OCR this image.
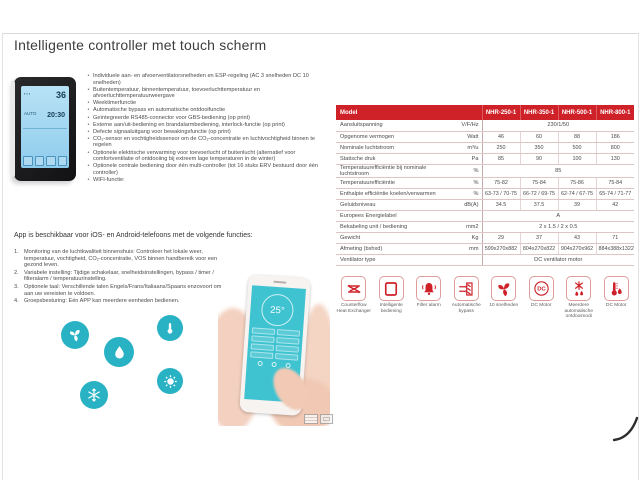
Intelligente controller met touch scherm
▪▪▪	36
AUTO 20:30
• Individuele aan- en afvoerventilatorsnelheden en ESP-regeling (AC 3 snelheden DC 10 snelheden)
• Buitentemperatuur, binnentemperatuur, toevoerluchttemperatuur en afvoerluchttemperatuurweergave
• Weektimerfunctie
• Automatische bypass en automatische ontdooifunctie
• Geïntegreerde RS485-connector voor GBS-bediening (op print)
• Externe aan/uit-bediening en brandalarmbediening, interlock-functie (op print)
• Defecte signaaluitgang voor bewakingsfunctie (op print)
• CO₂-sensor en vochtigheidssensor om de CO₂-concentratie en luchtvochtigheid binnen te regelen
• Optionele elektrische verwarming voor toevoerlucht of buitenlucht (alternatief voor comfortventilatie of ontdooiing bij extreem lage temperaturen in de winter)
• Optionele centrale bediening door één multi-controller (tot 16 stuks ERV bestuurd door één controller)
• WIFI-functie:
App is beschikbaar voor iOS- en Android-telefoons met de volgende functies:
1. Monitoring van de luchtkwaliteit binnenshuis: Controleer het lokale weer, temperatuur, vochtigheid, CO₂-concentratie, VOS binnen handbereik voor een gezond leven.
2. Variabele instelling: Tijdige schakelaar, snelheidsinstellingen, bypass / timer / filteralarm / temperatuurinstelling.
3. Optionele taal: Verschillende talen Engels/Frans/Italiaans/Spaans enzovoort om aan uw vereisten te voldoen.
4. Groepsbesturing: Eén APP kan meerdere eenheden bedienen.
25°
Model		NHR-250-1	NHR-350-1	NHR-500-1	NHR-800-1
Aansluitspanning	V/F/Hz	230/1/50			
Opgenome vermogen	Watt	46	60	88	186
Nominale luchtstroom	m³/u	250	350	500	800
Statische druk	Pa	85	90	100	130
Temperatuurefficiëntie bij nominale luchtstroom	%	85			
Temperatuurefficiëntie	%	75-82	75-84	75-86	75-84
Enthalpie efficiëntie koelen/verwarmen	%	63-73 / 70-75	66-72 / 69-75	62-74 / 67-75	65-74 / 71-77
Geluidsniveau	dB(A)	34.5	37.5	39	42
Europees Energielabel		A			
Bekabeling unit / bediening	mm2	2 x 1.5 / 2 x 0.5			
Gewicht	Kg	29	37	43	71
Afmeting (bxhxd)	mm	599x270x882	804x270x822	904x270x962	884x388x1322
Ventilator type		DC ventilator motor			
Counterflow Heat Exchanger
Intelligente bediening
Filter alarm	Automatische bypass
10 snelheden
DC
DC Motor	Meerdere automatische ontdooimodi
DC Motor
